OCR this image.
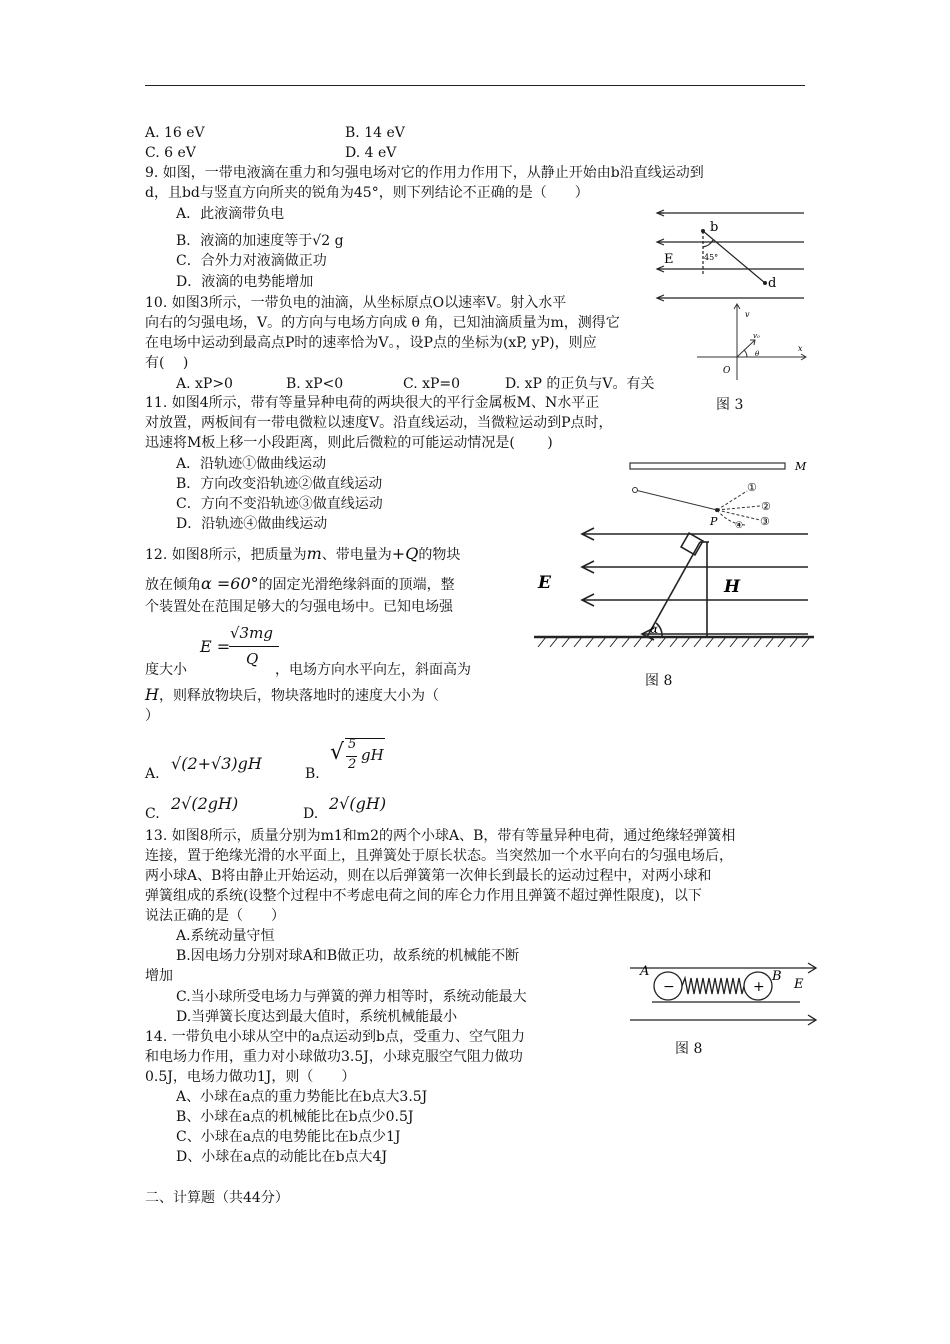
A. 16 eV	B. 14 eV
C. 6 eV	D. 4 eV
9. 如图，一带电液滴在重力和匀强电场对它的作用力作用下，从静止开始由b沿直线运动到
d，且bd与竖直方向所夹的锐角为45°，则下列结论不正确的是（　　）
A．此液滴带负电
B．液滴的加速度等于√2 g
C．合外力对液滴做正功
D．液滴的电势能增加
b
d
E	45°
10. 如图3所示，一带负电的油滴，从坐标原点O以速率V。射入水平
向右的匀强电场，V。的方向与电场方向成 θ 角，已知油滴质量为m，测得它
在电场中运动到最高点P时的速率恰为V。，设P点的坐标为(xP, yP)，则应
有(　 )
A. xP>0	B. xP<0	C. xP=0	D. xP 的正负与V。有关
v
v₀
θ
x
O
图 3
11. 如图4所示，带有等量异种电荷的两块很大的平行金属板M、N水平正
对放置，两板间有一带电微粒以速度V。沿直线运动，当微粒运动到P点时，
迅速将M板上移一小段距离，则此后微粒的可能运动情况是(　　 )
A．沿轨迹①做曲线运动
B．方向改变沿轨迹②做直线运动
C．方向不变沿轨迹③做直线运动
D．沿轨迹④做曲线运动
M
P
①
②
③
④
12. 如图8所示，把质量为m、带电量为+Q的物块
放在倾角α =60°的固定光滑绝缘斜面的顶端，整
个装置处在范围足够大的匀强电场中。已知电场强
E =
√3mg
Q
度大小	，电场方向水平向左，斜面高为
H，则释放物块后，物块落地时的速度大小为（
）
A.
√(2+√3)gH
B.
√ 5
2
gH
C.
2√(2gH)
D.
2√(gH)
E	H
α
图 8
13. 如图8所示，质量分别为m1和m2的两个小球A、B，带有等量异种电荷，通过绝缘轻弹簧相
连接，置于绝缘光滑的水平面上，且弹簧处于原长状态。当突然加一个水平向右的匀强电场后，
两小球A、B将由静止开始运动，则在以后弹簧第一次伸长到最长的运动过程中，对两小球和
弹簧组成的系统(设整个过程中不考虑电荷之间的库仑力作用且弹簧不超过弹性限度)，以下
说法正确的是（　　）
A.系统动量守恒
B.因电场力分别对球A和B做正功，故系统的机械能不断
增加
C.当小球所受电场力与弹簧的弹力相等时，系统动能最大
D.当弹簧长度达到最大值时，系统机械能最小
A	B
E
−	+
图 8
14. 一带负电小球从空中的a点运动到b点，受重力、空气阻力
和电场力作用，重力对小球做功3.5J，小球克服空气阻力做功
0.5J，电场力做功1J，则（　　）
A、小球在a点的重力势能比在b点大3.5J
B、小球在a点的机械能比在b点少0.5J
C、小球在a点的电势能比在b点少1J
D、小球在a点的动能比在b点大4J
二、计算题（共44分）
